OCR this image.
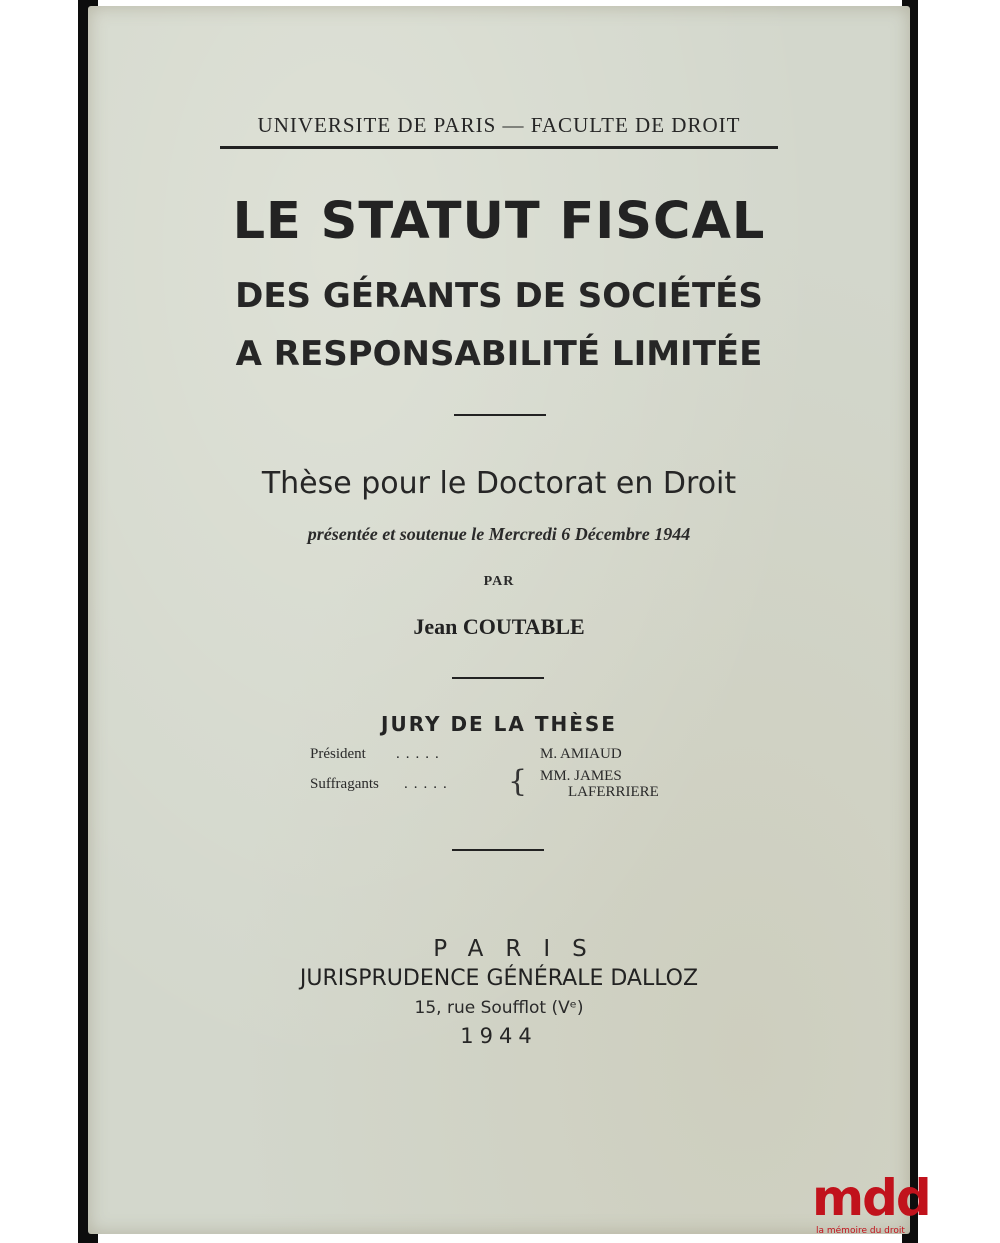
UNIVERSITE DE PARIS — FACULTE DE DROIT
LE STATUT FISCAL
DES GÉRANTS DE SOCIÉTÉS
A RESPONSABILITÉ LIMITÉE
Thèse pour le Doctorat en Droit
présentée et soutenue le Mercredi 6 Décembre 1944
PAR
Jean COUTABLE
JURY DE LA THÈSE
Président .....	M. AMIAUD
Suffragants ..... { MM. JAMES
LAFERRIERE
PARIS
JURISPRUDENCE GÉNÉRALE DALLOZ
15, rue Soufflot (Vᵉ)
1944
mdd
la mémoire du droit
